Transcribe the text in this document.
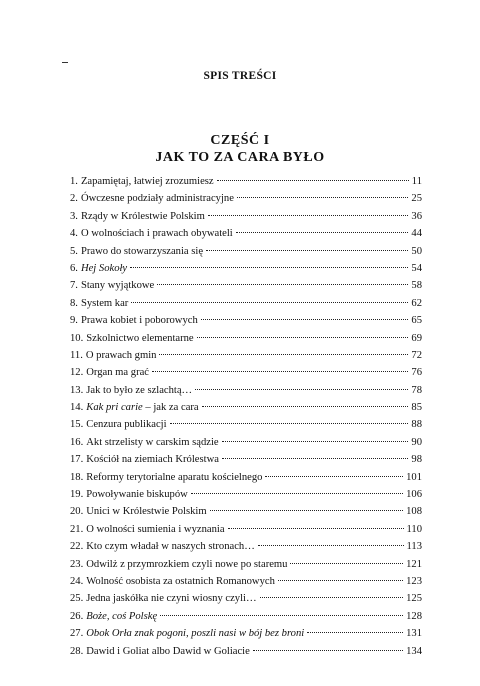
SPIS TREŚCI
CZĘŚĆ I
JAK TO ZA CARA BYŁO
1. Zapamiętaj, łatwiej zrozumiesz	11
2. Ówczesne podziały administracyjne	25
3. Rządy w Królestwie Polskim	36
4. O wolnościach i prawach obywateli	44
5. Prawo do stowarzyszania się	50
6. Hej Sokoły	54
7. Stany wyjątkowe	58
8. System kar	62
9. Prawa kobiet i poborowych	65
10. Szkolnictwo elementarne	69
11. O prawach gmin	72
12. Organ ma grać	76
13. Jak to było ze szlachtą…	78
14. Kak pri carie – jak za cara	85
15. Cenzura publikacji	88
16. Akt strzelisty w carskim sądzie	90
17. Kościół na ziemiach Królestwa	98
18. Reformy terytorialne aparatu kościelnego	101
19. Powoływanie biskupów	106
20. Unici w Królestwie Polskim	108
21. O wolności sumienia i wyznania	110
22. Kto czym władał w naszych stronach…	113
23. Odwilż z przymrozkiem czyli nowe po staremu	121
24. Wolność osobista za ostatnich Romanowych	123
25. Jedna jaskółka nie czyni wiosny czyli…	125
26. Boże, coś Polskę	128
27. Obok Orła znak pogoni, poszli nasi w bój bez broni	131
28. Dawid i Goliat albo Dawid w Goliacie	134
